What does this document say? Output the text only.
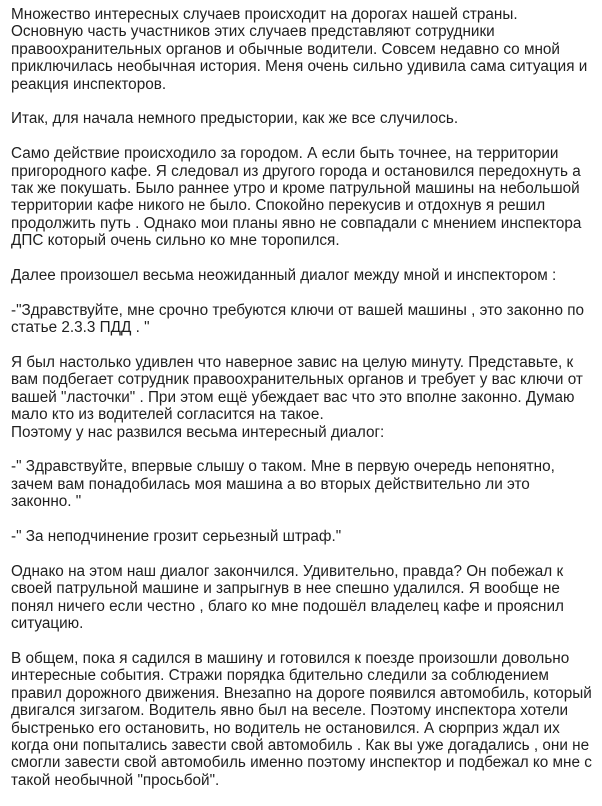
Множество интересных случаев происходит на дорогах нашей страны. Основную часть участников этих случаев представляют сотрудники правоохранительных органов и обычные водители. Совсем недавно со мной приключилась необычная история. Меня очень сильно удивила сама ситуация и реакция инспекторов.

Итак, для начала немного предыстории, как же все случилось.

Само действие происходило за городом. А если быть точнее, на территории пригородного кафе. Я следовал из другого города и остановился передохнуть а так же покушать. Было раннее утро и кроме патрульной машины на небольшой территории кафе никого не было. Спокойно перекусив и отдохнув я решил продолжить путь . Однако мои планы явно не совпадали с мнением инспектора ДПС который очень сильно ко мне торопился.

Далее произошел весьма неожиданный диалог между мной и инспектором :

-"Здравствуйте, мне срочно требуются ключи от вашей машины , это законно по статье 2.3.3 ПДД . "

Я был настолько удивлен что наверное завис на целую минуту. Представьте, к вам подбегает сотрудник правоохранительных органов и требует у вас ключи от вашей "ласточки" . При этом ещё убеждает вас что это вполне законно. Думаю мало кто из водителей согласится на такое.
Поэтому у нас развился весьма интересный диалог:

-" Здравствуйте, впервые слышу о таком. Мне в первую очередь непонятно, зачем вам понадобилась моя машина а во вторых действительно ли это законно. "

-" За неподчинение грозит серьезный штраф."

Однако на этом наш диалог закончился. Удивительно, правда? Он побежал к своей патрульной машине и запрыгнув в нее спешно удалился. Я вообще не понял ничего если честно , благо ко мне подошёл владелец кафе и прояснил ситуацию.

В общем, пока я садился в машину и готовился к поезде произошли довольно интересные события. Стражи порядка бдительно следили за соблюдением правил дорожного движения. Внезапно на дороге появился автомобиль, который двигался зигзагом. Водитель явно был на веселе. Поэтому инспектора хотели быстренько его остановить, но водитель не остановился. А сюрприз ждал их когда они попытались завести свой автомобиль . Как вы уже догадались , они не смогли завести свой автомобиль именно поэтому инспектор и подбежал ко мне с такой необычной "просьбой".
